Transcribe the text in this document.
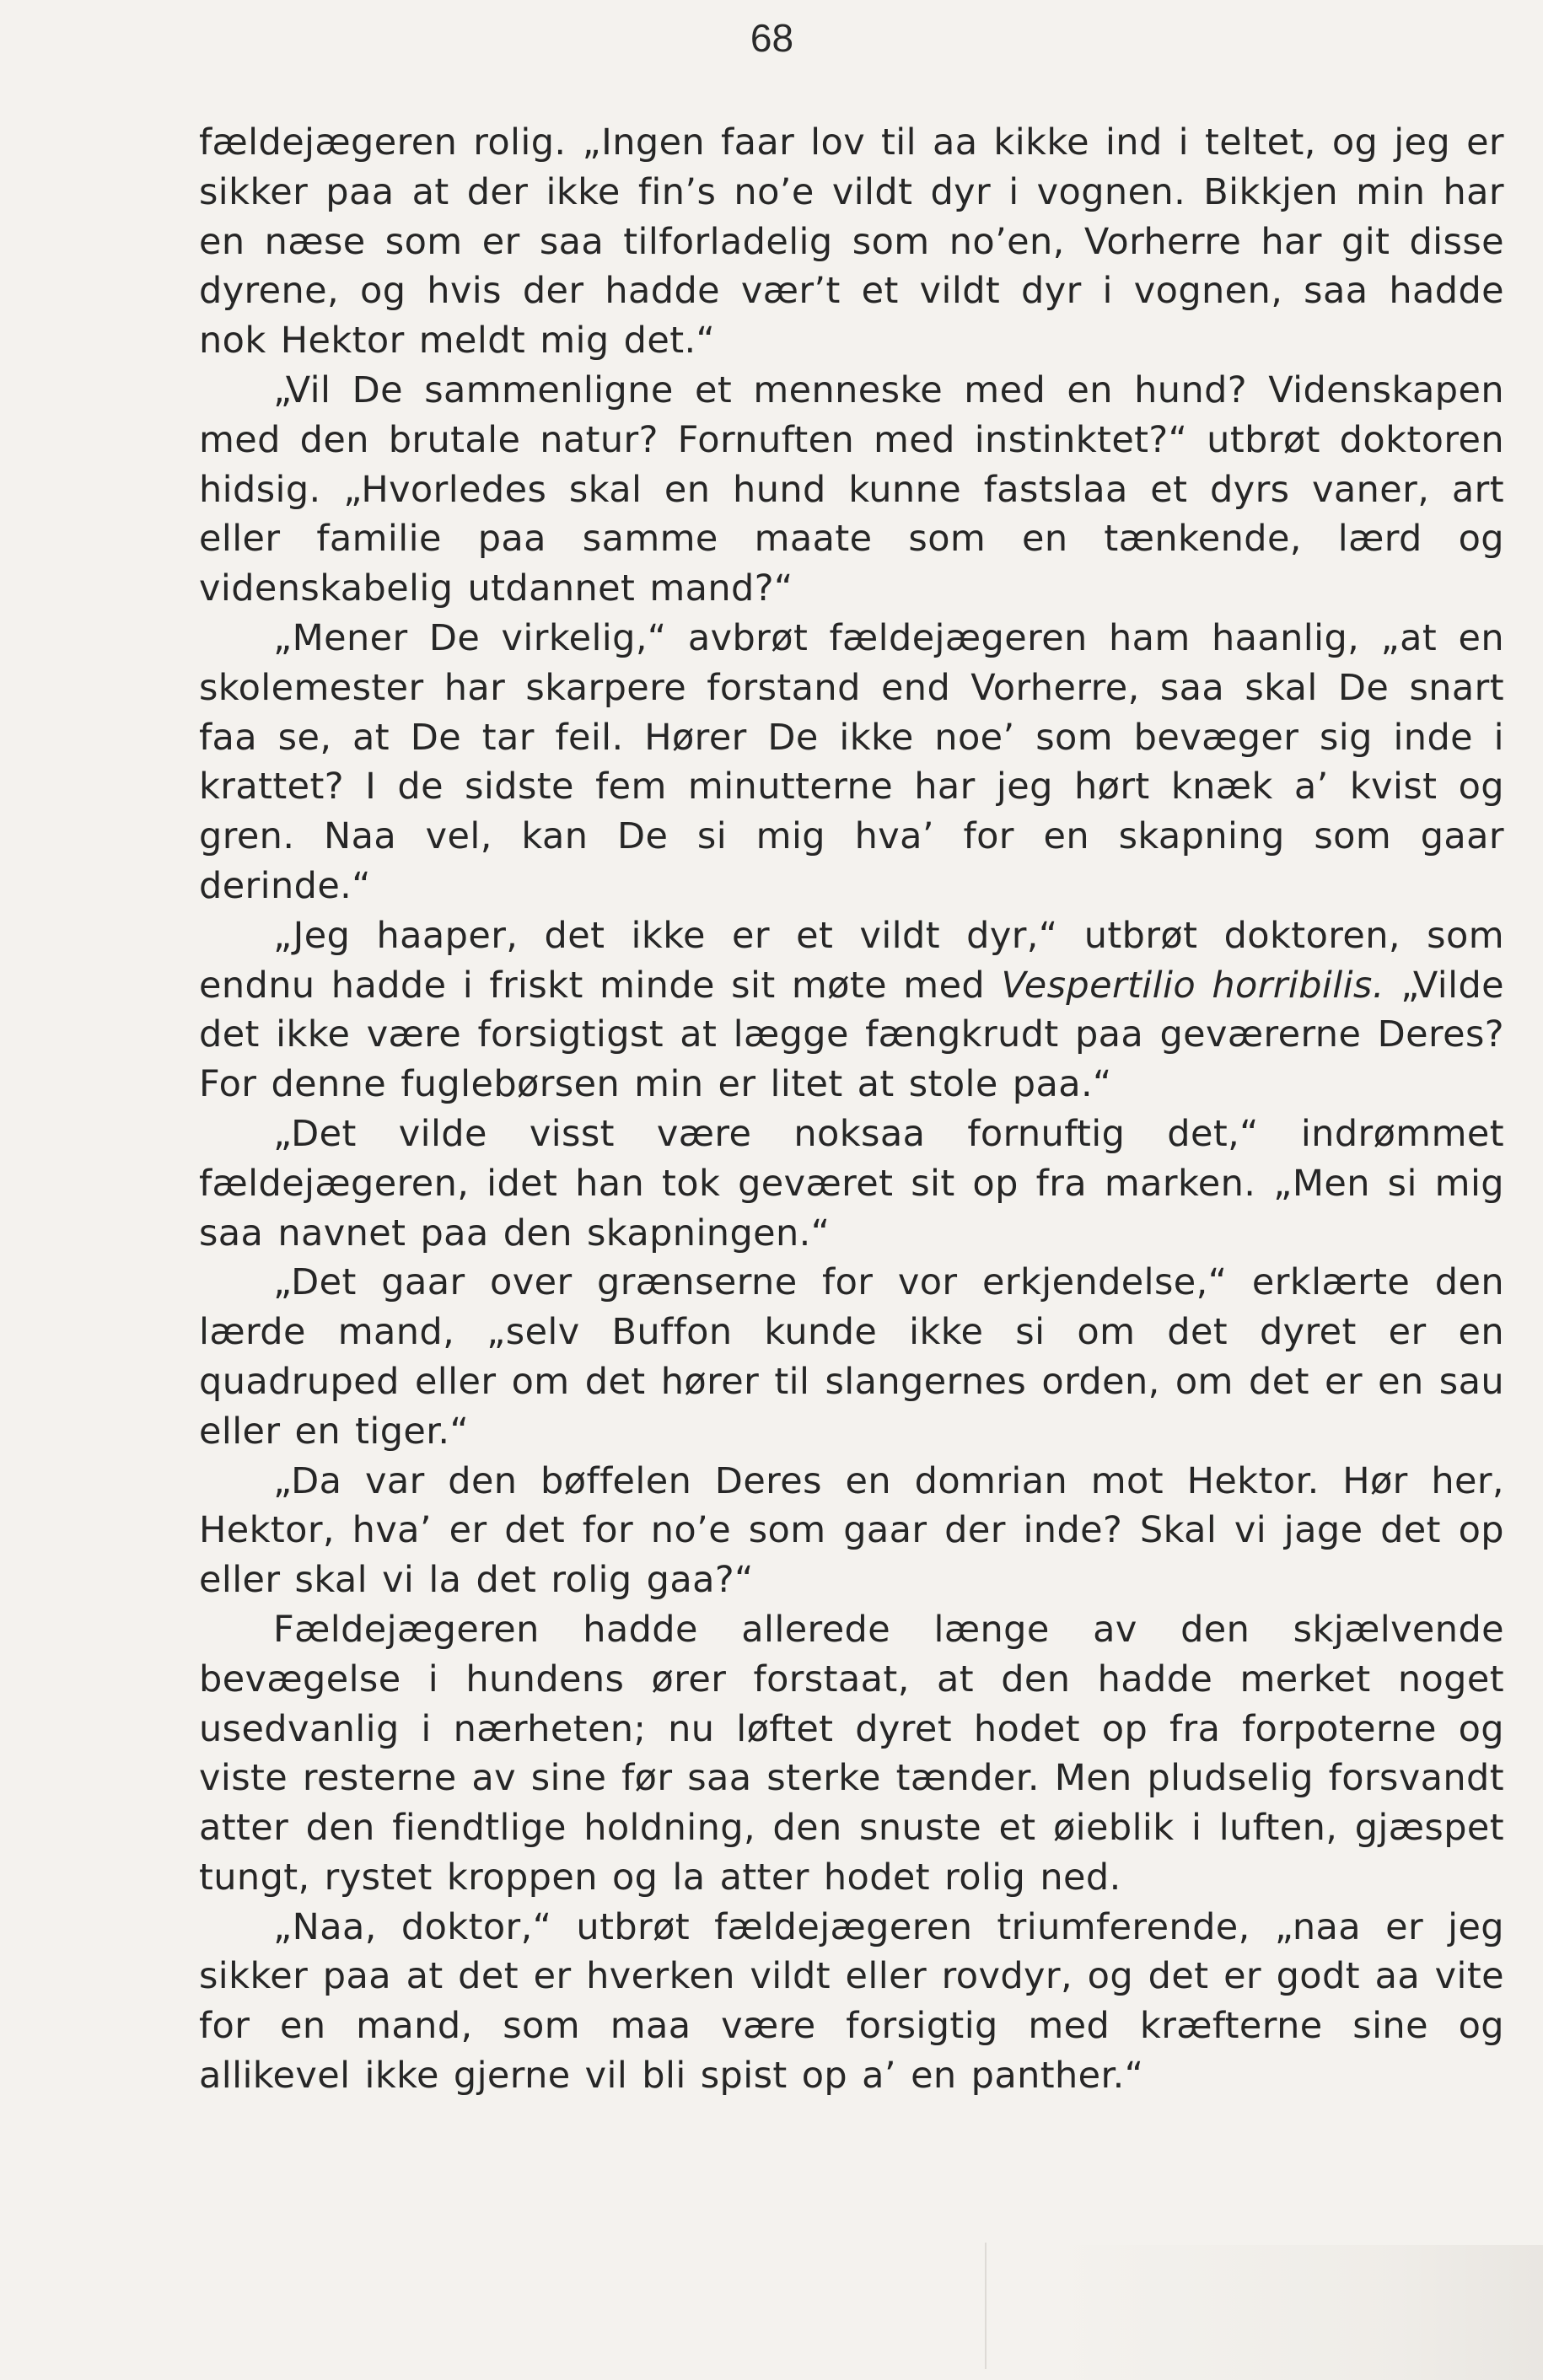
68

fældejægeren rolig. „Ingen faar lov til aa kikke ind i teltet, og jeg er sikker paa at der ikke fin’s no’e vildt dyr i vognen. Bikkjen min har en næse som er saa tilforladelig som no’en, Vorherre har git disse dyrene, og hvis der hadde vær’t et vildt dyr i vognen, saa hadde nok Hektor meldt mig det.“

„Vil De sammenligne et menneske med en hund? Videnskapen med den brutale natur? Fornuften med instinktet?“ utbrøt doktoren hidsig. „Hvorledes skal en hund kunne fastslaa et dyrs vaner, art eller familie paa samme maate som en tænkende, lærd og videnskabelig utdannet mand?“

„Mener De virkelig,“ avbrøt fældejægeren ham haanlig, „at en skolemester har skarpere forstand end Vorherre, saa skal De snart faa se, at De tar feil. Hører De ikke noe’ som bevæger sig inde i krattet? I de sidste fem minutterne har jeg hørt knæk a’ kvist og gren. Naa vel, kan De si mig hva’ for en skapning som gaar derinde.“

„Jeg haaper, det ikke er et vildt dyr,“ utbrøt doktoren, som endnu hadde i friskt minde sit møte med Vespertilio horribilis. „Vilde det ikke være forsigtigst at lægge fængkrudt paa geværerne Deres? For denne fuglebørsen min er litet at stole paa.“

„Det vilde visst være noksaa fornuftig det,“ indrømmet fældejægeren, idet han tok geværet sit op fra marken. „Men si mig saa navnet paa den skapningen.“

„Det gaar over grænserne for vor erkjendelse,“ erklærte den lærde mand, „selv Buffon kunde ikke si om det dyret er en quadruped eller om det hører til slangernes orden, om det er en sau eller en tiger.“

„Da var den bøffelen Deres en domrian mot Hektor. Hør her, Hektor, hva’ er det for no’e som gaar der inde? Skal vi jage det op eller skal vi la det rolig gaa?“

Fældejægeren hadde allerede længe av den skjælvende bevægelse i hundens ører forstaat, at den hadde merket noget usedvanlig i nærheten; nu løftet dyret hodet op fra forpoterne og viste resterne av sine før saa sterke tænder. Men pludselig forsvandt atter den fiendtlige holdning, den snuste et øieblik i luften, gjæspet tungt, rystet kroppen og la atter hodet rolig ned.

„Naa, doktor,“ utbrøt fældejægeren triumferende, „naa er jeg sikker paa at det er hverken vildt eller rovdyr, og det er godt aa vite for en mand, som maa være forsigtig med kræfterne sine og allikevel ikke gjerne vil bli spist op a’ en panther.“
